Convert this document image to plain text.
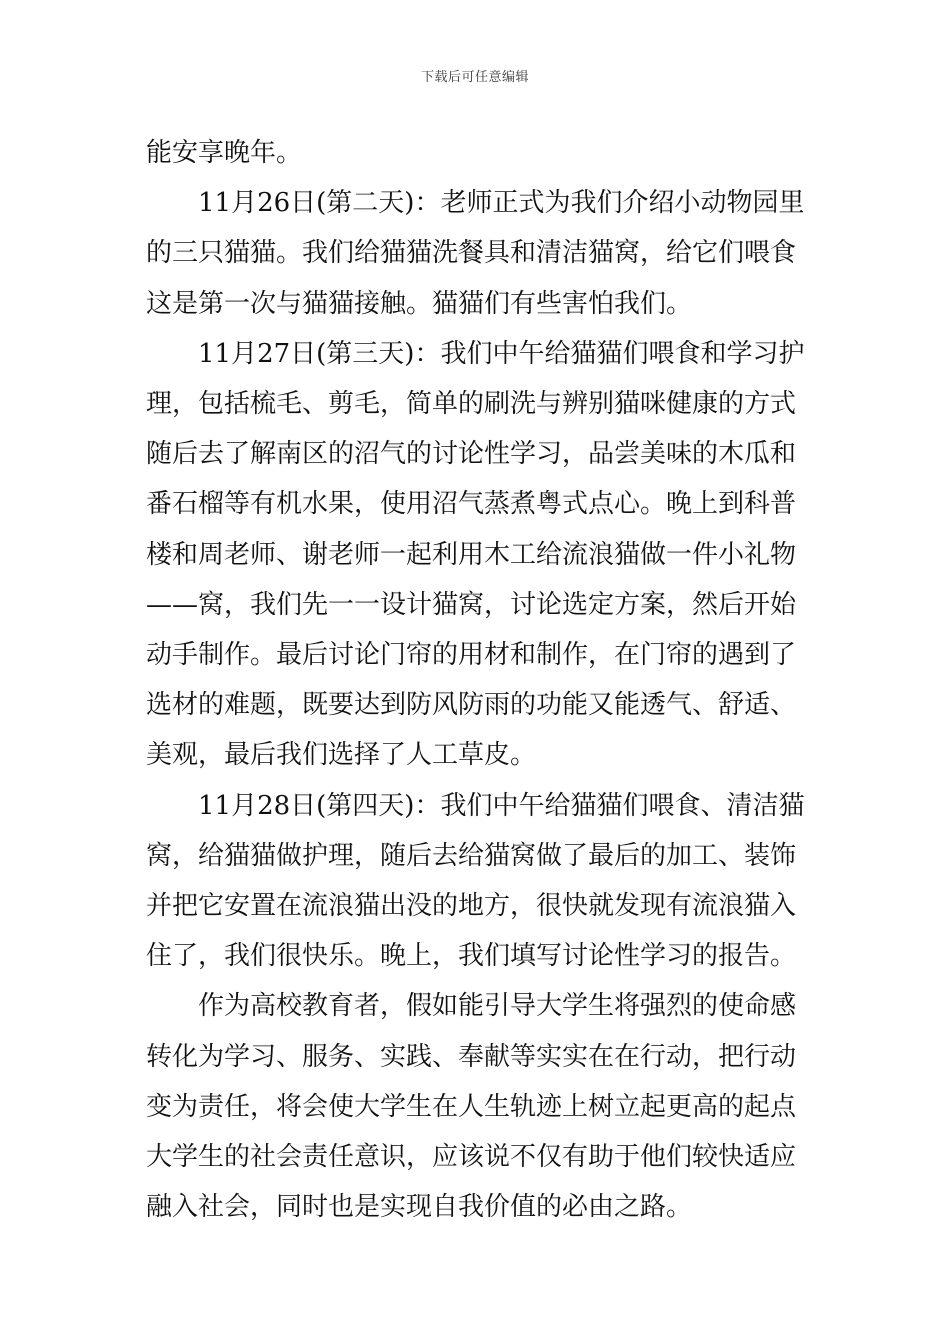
下载后可任意编辑

能安享晚年。

11月26日(第二天)：老师正式为我们介绍小动物园里的三只猫猫。我们给猫猫洗餐具和清洁猫窝，给它们喂食这是第一次与猫猫接触。猫猫们有些害怕我们。

11月27日(第三天)：我们中午给猫猫们喂食和学习护理，包括梳毛、剪毛，简单的刷洗与辨别猫咪健康的方式随后去了解南区的沼气的讨论性学习，品尝美味的木瓜和番石榴等有机水果，使用沼气蒸煮粤式点心。晚上到科普楼和周老师、谢老师一起利用木工给流浪猫做一件小礼物——窝，我们先一一设计猫窝，讨论选定方案，然后开始动手制作。最后讨论门帘的用材和制作，在门帘的遇到了选材的难题，既要达到防风防雨的功能又能透气、舒适、美观，最后我们选择了人工草皮。

11月28日(第四天)：我们中午给猫猫们喂食、清洁猫窝，给猫猫做护理，随后去给猫窝做了最后的加工、装饰并把它安置在流浪猫出没的地方，很快就发现有流浪猫入住了，我们很快乐。晚上，我们填写讨论性学习的报告。

作为高校教育者，假如能引导大学生将强烈的使命感转化为学习、服务、实践、奉献等实实在在行动，把行动变为责任，将会使大学生在人生轨迹上树立起更高的起点大学生的社会责任意识，应该说不仅有助于他们较快适应融入社会，同时也是实现自我价值的必由之路。
